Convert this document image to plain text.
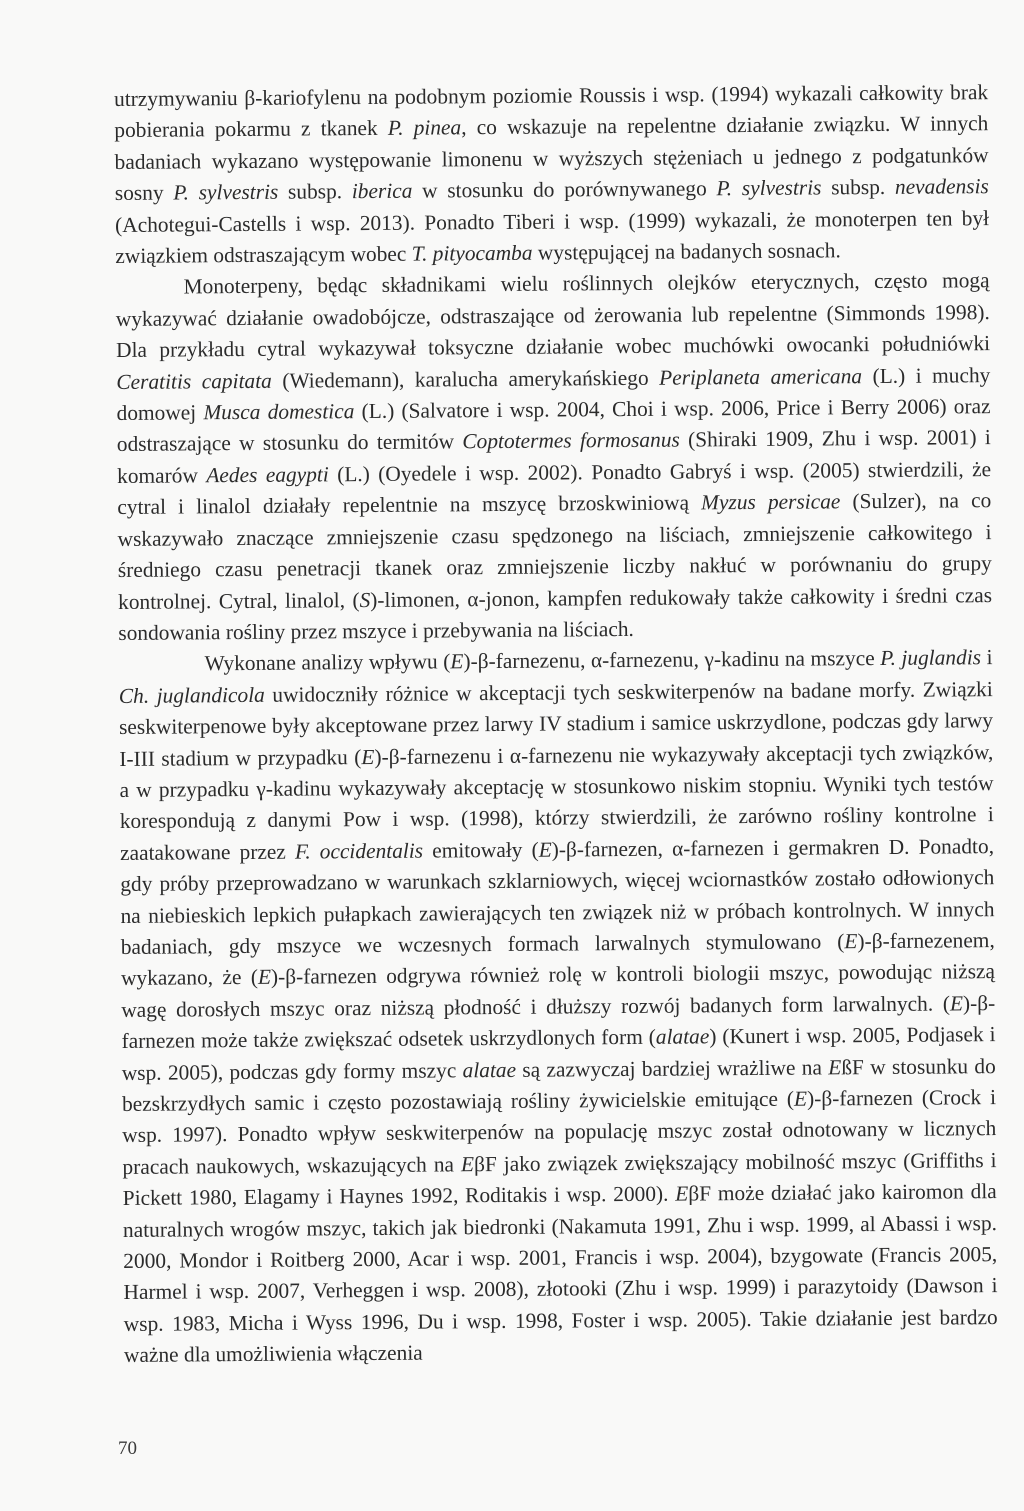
utrzymywaniu β-kariofylenu na podobnym poziomie Roussis i wsp. (1994) wykazali całkowity brak pobierania pokarmu z tkanek P. pinea, co wskazuje na repelentne działanie związku. W innych badaniach wykazano występowanie limonenu w wyższych stężeniach u jednego z podgatunków sosny P. sylvestris subsp. iberica w stosunku do porównywanego P. sylvestris subsp. nevadensis (Achotegui-Castells i wsp. 2013). Ponadto Tiberi i wsp. (1999) wykazali, że monoterpen ten był związkiem odstraszającym wobec T. pityocamba występującej na badanych sosnach.

Monoterpeny, będąc składnikami wielu roślinnych olejków eterycznych, często mogą wykazywać działanie owadobójcze, odstraszające od żerowania lub repelentne (Simmonds 1998). Dla przykładu cytral wykazywał toksyczne działanie wobec muchówki owocanki południówki Ceratitis capitata (Wiedemann), karalucha amerykańskiego Periplaneta americana (L.) i muchy domowej Musca domestica (L.) (Salvatore i wsp. 2004, Choi i wsp. 2006, Price i Berry 2006) oraz odstraszające w stosunku do termitów Coptotermes formosanus (Shiraki 1909, Zhu i wsp. 2001) i komarów Aedes eagypti (L.) (Oyedele i wsp. 2002). Ponadto Gabryś i wsp. (2005) stwierdzili, że cytral i linalol działały repelentnie na mszycę brzoskwiniową Myzus persicae (Sulzer), na co wskazywało znaczące zmniejszenie czasu spędzonego na liściach, zmniejszenie całkowitego i średniego czasu penetracji tkanek oraz zmniejszenie liczby nakłuć w porównaniu do grupy kontrolnej. Cytral, linalol, (S)-limonen, α-jonon, kampfen redukowały także całkowity i średni czas sondowania rośliny przez mszyce i przebywania na liściach.

Wykonane analizy wpływu (E)-β-farnezenu, α-farnezenu, γ-kadinu na mszyce P. juglandis i Ch. juglandicola uwidoczniły różnice w akceptacji tych seskwiterpenów na badane morfy. Związki seskwiterpenowe były akceptowane przez larwy IV stadium i samice uskrzydlone, podczas gdy larwy I-III stadium w przypadku (E)-β-farnezenu i α-farnezenu nie wykazywały akceptacji tych związków, a w przypadku γ-kadinu wykazywały akceptację w stosunkowo niskim stopniu. Wyniki tych testów korespondują z danymi Pow i wsp. (1998), którzy stwierdzili, że zarówno rośliny kontrolne i zaatakowane przez F. occidentalis emitowały (E)-β-farnezen, α-farnezen i germakren D. Ponadto, gdy próby przeprowadzano w warunkach szklarniowych, więcej wciornastków zostało odłowionych na niebieskich lepkich pułapkach zawierających ten związek niż w próbach kontrolnych. W innych badaniach, gdy mszyce we wczesnych formach larwalnych stymulowano (E)-β-farnezenem, wykazano, że (E)-β-farnezen odgrywa również rolę w kontroli biologii mszyc, powodując niższą wagę dorosłych mszyc oraz niższą płodność i dłuższy rozwój badanych form larwalnych. (E)-β-farnezen może także zwiększać odsetek uskrzydlonych form (alatae) (Kunert i wsp. 2005, Podjasek i wsp. 2005), podczas gdy formy mszyc alatae są zazwyczaj bardziej wrażliwe na EßF w stosunku do bezskrzydłych samic i często pozostawiają rośliny żywicielskie emitujące (E)-β-farnezen (Crock i wsp. 1997). Ponadto wpływ seskwiterpenów na populację mszyc został odnotowany w licznych pracach naukowych, wskazujących na EβF jako związek zwiększający mobilność mszyc (Griffiths i Pickett 1980, Elagamy i Haynes 1992, Roditakis i wsp. 2000). EβF może działać jako kairomon dla naturalnych wrogów mszyc, takich jak biedronki (Nakamuta 1991, Zhu i wsp. 1999, al Abassi i wsp. 2000, Mondor i Roitberg 2000, Acar i wsp. 2001, Francis i wsp. 2004), bzygowate (Francis 2005, Harmel i wsp. 2007, Verheggen i wsp. 2008), złotooki (Zhu i wsp. 1999) i parazytoidy (Dawson i wsp. 1983, Micha i Wyss 1996, Du i wsp. 1998, Foster i wsp. 2005). Takie działanie jest bardzo ważne dla umożliwienia włączenia

70
